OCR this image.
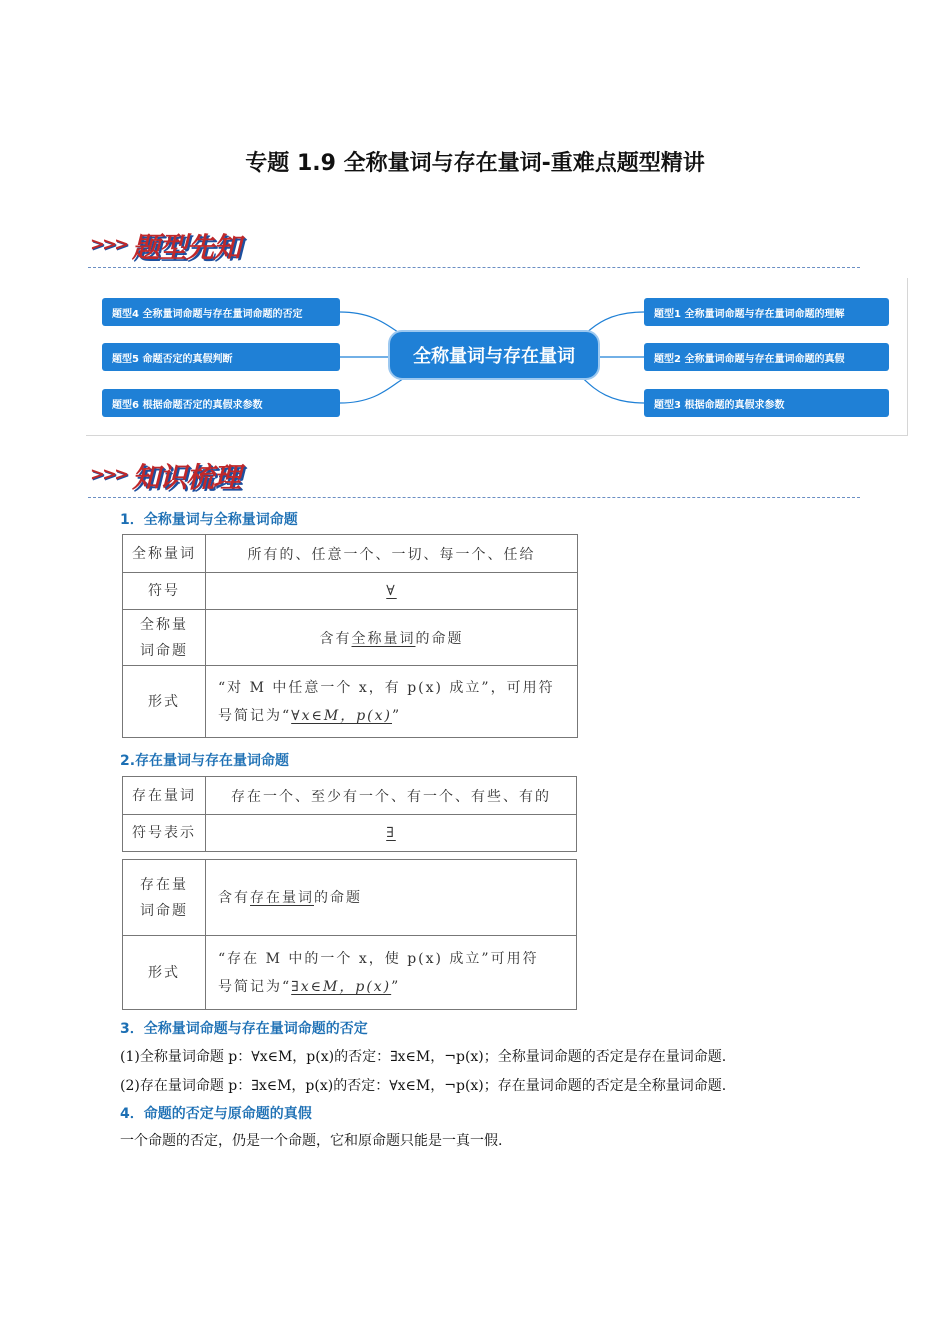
专题 1.9 全称量词与存在量词-重难点题型精讲
>>> 题型先知
题型4 全称量词命题与存在量词命题的否定
题型5 命题否定的真假判断
题型6 根据命题否定的真假求参数
全称量词与存在量词
题型1 全称量词命题与存在量词命题的理解
题型2 全称量词命题与存在量词命题的真假
题型3 根据命题的真假求参数
>>> 知识梳理
1．全称量词与全称量词命题
全称量词	所有的、任意一个、一切、每一个、任给
符号	∀
全称量词命题	含有全称量词的命题
形式	“对 M 中任意一个 x，有 p(x) 成立”，可用符
号简记为“∀x∈M，p(x)”
2.存在量词与存在量词命题
存在量词	存在一个、至少有一个、有一个、有些、有的
符号表示	∃
存在量词命题	含有存在量词的命题
形式	“存在 M 中的一个 x，使 p(x) 成立”可用符
号简记为“∃x∈M，p(x)”
3．全称量词命题与存在量词命题的否定
(1)全称量词命题 p：∀x∈M，p(x)的否定：∃x∈M，¬p(x)；全称量词命题的否定是存在量词命题.
(2)存在量词命题 p：∃x∈M，p(x)的否定：∀x∈M，¬p(x)；存在量词命题的否定是全称量词命题.
4．命题的否定与原命题的真假
一个命题的否定，仍是一个命题，它和原命题只能是一真一假.
